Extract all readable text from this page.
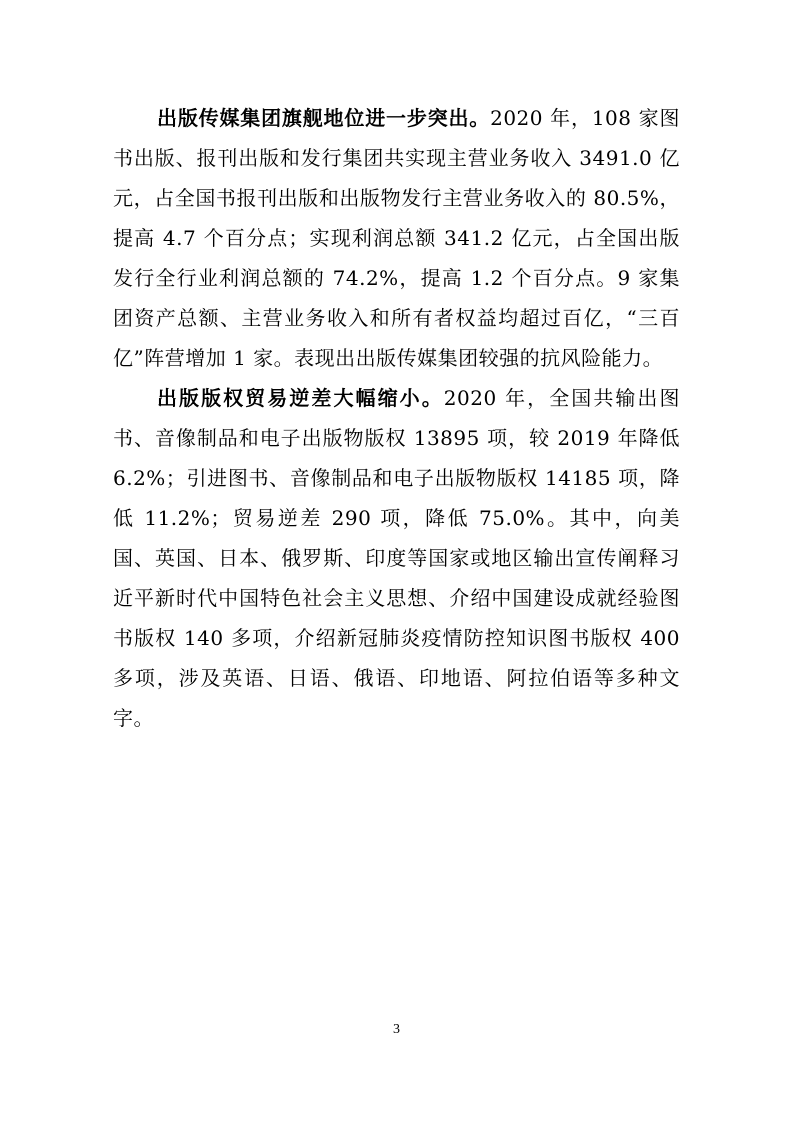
出版传媒集团旗舰地位进一步突出。2020 年，108 家图书出版、报刊出版和发行集团共实现主营业务收入 3491.0 亿元，占全国书报刊出版和出版物发行主营业务收入的 80.5%，提高 4.7 个百分点；实现利润总额 341.2 亿元，占全国出版发行全行业利润总额的 74.2%，提高 1.2 个百分点。9 家集团资产总额、主营业务收入和所有者权益均超过百亿，“三百亿”阵营增加 1 家。表现出出版传媒集团较强的抗风险能力。

出版版权贸易逆差大幅缩小。2020 年，全国共输出图书、音像制品和电子出版物版权 13895 项，较 2019 年降低 6.2%；引进图书、音像制品和电子出版物版权 14185 项，降低 11.2%；贸易逆差 290 项，降低 75.0%。其中，向美国、英国、日本、俄罗斯、印度等国家或地区输出宣传阐释习近平新时代中国特色社会主义思想、介绍中国建设成就经验图书版权 140 多项，介绍新冠肺炎疫情防控知识图书版权 400 多项，涉及英语、日语、俄语、印地语、阿拉伯语等多种文字。

3
